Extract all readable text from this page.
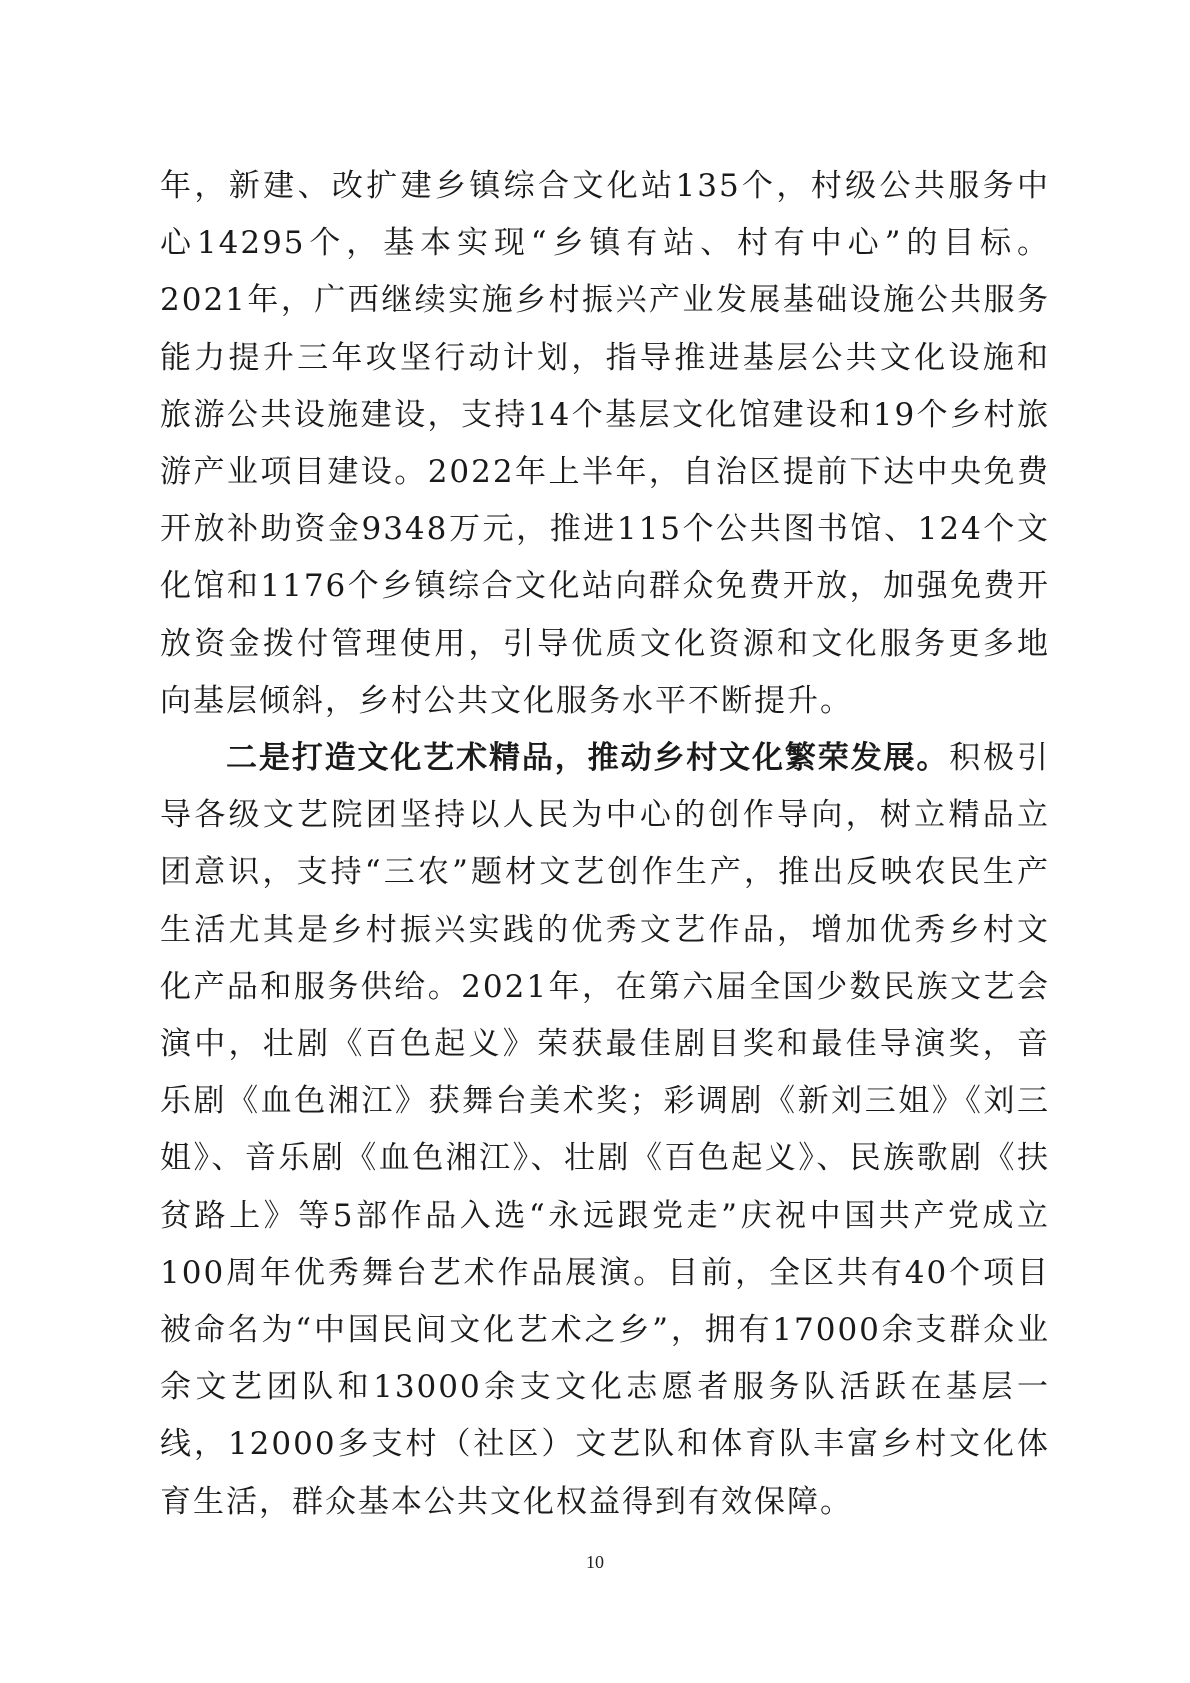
年，新建、改扩建乡镇综合文化站135个，村级公共服务中心14295个，基本实现“乡镇有站、村有中心”的目标。2021年，广西继续实施乡村振兴产业发展基础设施公共服务能力提升三年攻坚行动计划，指导推进基层公共文化设施和旅游公共设施建设，支持14个基层文化馆建设和19个乡村旅游产业项目建设。2022年上半年，自治区提前下达中央免费开放补助资金9348万元，推进115个公共图书馆、124个文化馆和1176个乡镇综合文化站向群众免费开放，加强免费开放资金拨付管理使用，引导优质文化资源和文化服务更多地向基层倾斜，乡村公共文化服务水平不断提升。

二是打造文化艺术精品，推动乡村文化繁荣发展。积极引导各级文艺院团坚持以人民为中心的创作导向，树立精品立团意识，支持“三农”题材文艺创作生产，推出反映农民生产生活尤其是乡村振兴实践的优秀文艺作品，增加优秀乡村文化产品和服务供给。2021年，在第六届全国少数民族文艺会演中，壮剧《百色起义》荣获最佳剧目奖和最佳导演奖，音乐剧《血色湘江》获舞台美术奖；彩调剧《新刘三姐》《刘三姐》、音乐剧《血色湘江》、壮剧《百色起义》、民族歌剧《扶贫路上》等5部作品入选“永远跟党走”庆祝中国共产党成立100周年优秀舞台艺术作品展演。目前，全区共有40个项目被命名为“中国民间文化艺术之乡”，拥有17000余支群众业余文艺团队和13000余支文化志愿者服务队活跃在基层一线，12000多支村（社区）文艺队和体育队丰富乡村文化体育生活，群众基本公共文化权益得到有效保障。

10
